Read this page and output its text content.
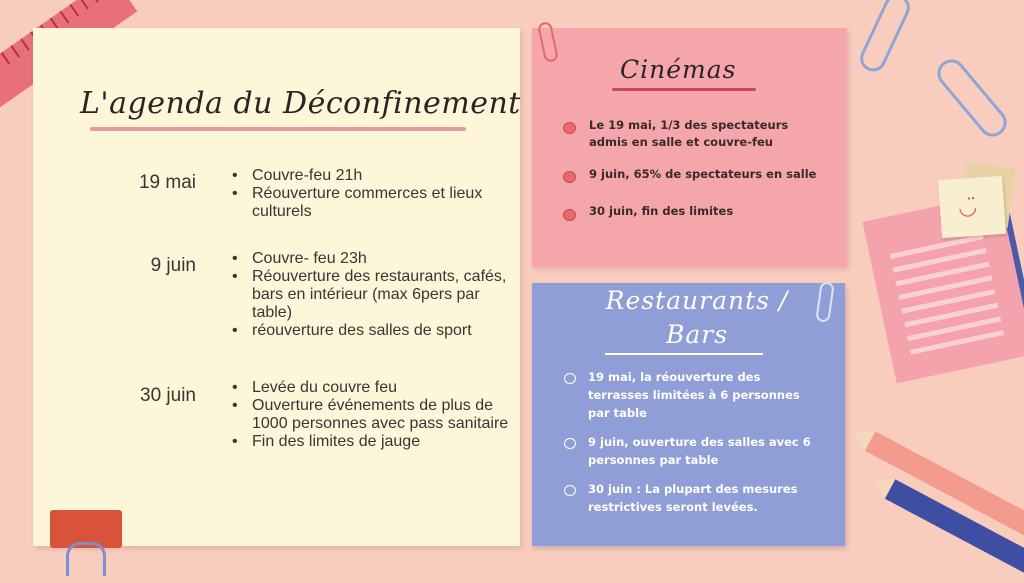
◡̈
L'agenda du Déconfinement
19 mai	• Couvre-feu 21h
• Réouverture commerces et lieux culturels
9 juin	• Couvre- feu 23h
• Réouverture des restaurants, cafés, bars en intérieur (max 6pers par table)
• réouverture des salles de sport
30 juin	• Levée du couvre feu
• Ouverture événements de plus de 1000 personnes avec pass sanitaire
• Fin des limites de jauge
Cinémas
Le 19 mai, 1/3 des spectateurs admis en salle et couvre-feu
9 juin, 65% de spectateurs en salle
30 juin, fin des limites
Restaurants /
Bars
19 mai, la réouverture des terrasses limitées à 6 personnes par table
9 juin, ouverture des salles avec 6 personnes par table
30 juin : La plupart des mesures restrictives seront levées.
